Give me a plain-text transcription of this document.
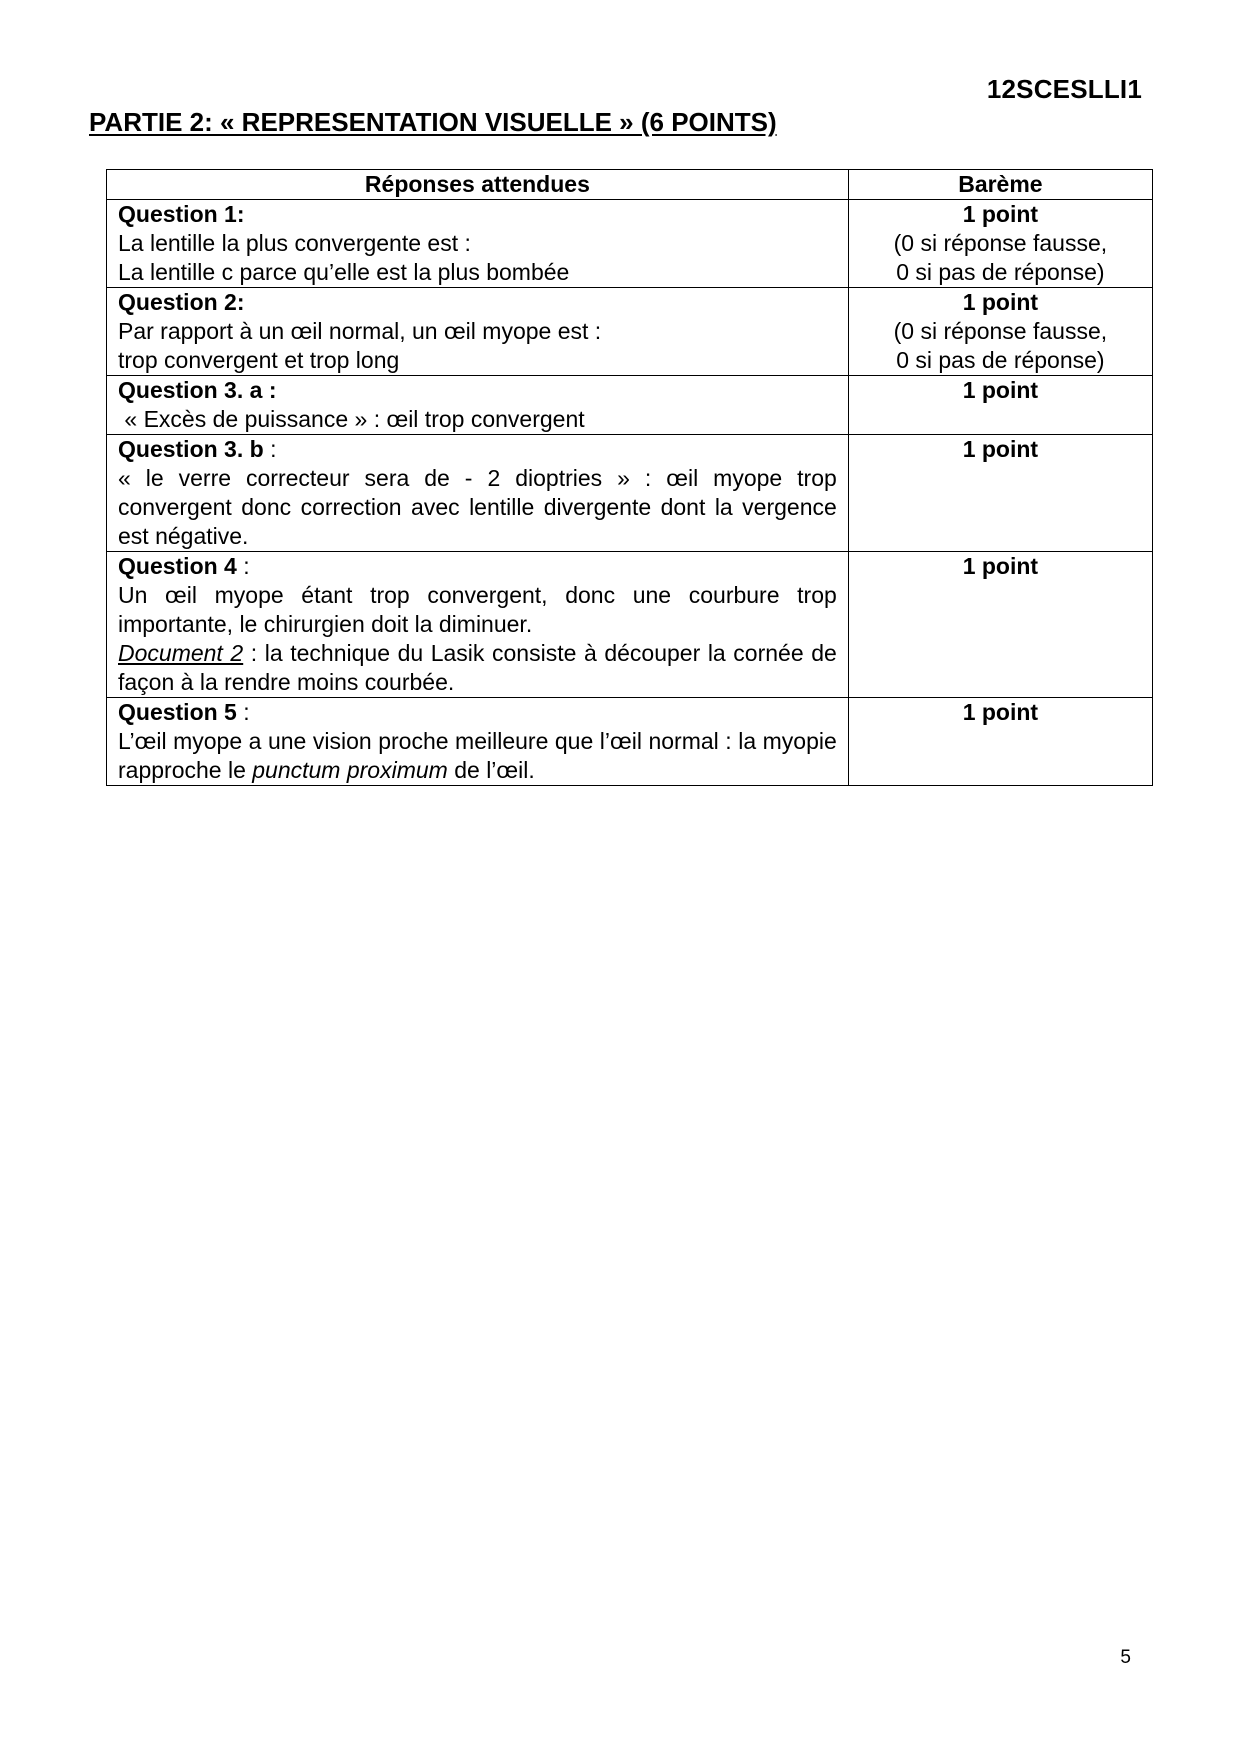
12SCESLLI1
PARTIE 2: « REPRESENTATION VISUELLE » (6 POINTS)
Réponses attendues	Barème

Question 1:
La lentille la plus convergente est :
La lentille c parce qu’elle est la plus bombée	1 point
(0 si réponse fausse,
0 si pas de réponse)

Question 2:
Par rapport à un œil normal, un œil myope est :
trop convergent et trop long	1 point
(0 si réponse fausse,
0 si pas de réponse)

Question 3. a :
« Excès de puissance » : œil trop convergent	1 point

Question 3. b :
« le verre correcteur sera de - 2 dioptries » : œil myope trop convergent donc correction avec lentille divergente dont la vergence est négative.	1 point

Question 4 :
Un œil myope étant trop convergent, donc une courbure trop importante, le chirurgien doit la diminuer.
Document 2 : la technique du Lasik consiste à découper la cornée de façon à la rendre moins courbée.	1 point

Question 5 :
L’œil myope a une vision proche meilleure que l’œil normal : la myopie rapproche le punctum proximum de l’œil.	1 point
5
